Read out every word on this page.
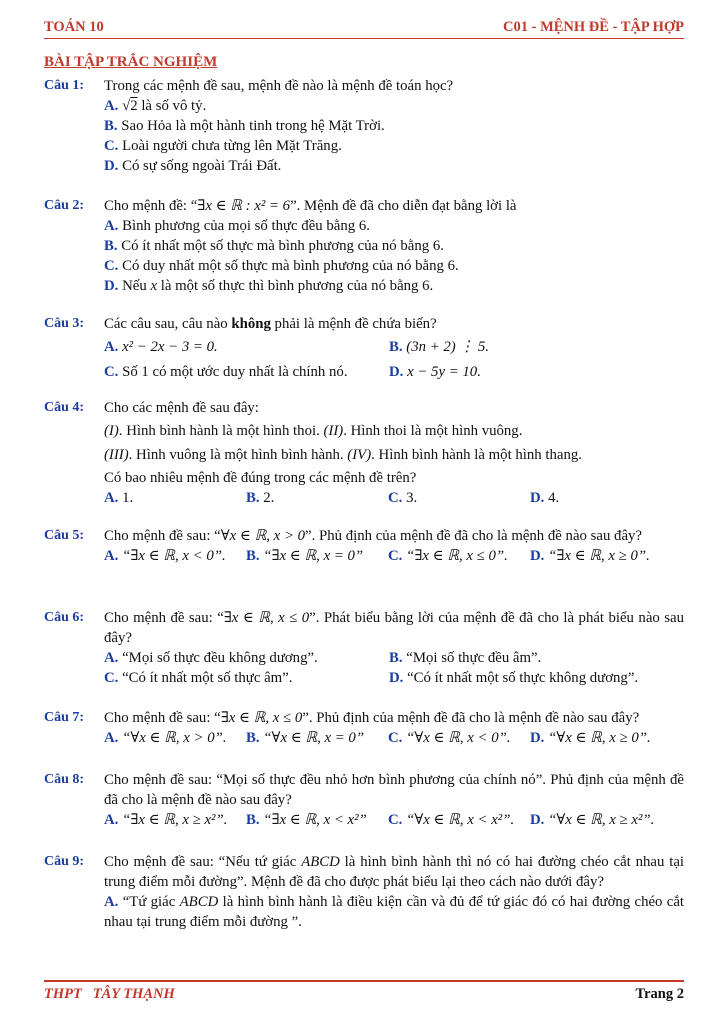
TOÁN 10	C01 - MỆNH ĐỀ - TẬP HỢP
BÀI TẬP TRẮC NGHIỆM
Câu 1: Trong các mệnh đề sau, mệnh đề nào là mệnh đề toán học?
A. √2 là số vô tỷ.
B. Sao Hỏa là một hành tinh trong hệ Mặt Trời.
C. Loài người chưa từng lên Mặt Trăng.
D. Có sự sống ngoài Trái Đất.
Câu 2: Cho mệnh đề: “∃x ∈ ℝ : x² = 6”. Mệnh đề đã cho diễn đạt bằng lời là
A. Bình phương của mọi số thực đều bằng 6.
B. Có ít nhất một số thực mà bình phương của nó bằng 6.
C. Có duy nhất một số thực mà bình phương của nó bằng 6.
D. Nếu x là một số thực thì bình phương của nó bằng 6.
Câu 3: Các câu sau, câu nào không phải là mệnh đề chứa biến?
A. x² − 2x − 3 = 0.	B. (3n + 2) ⋮ 5.
C. Số 1 có một ước duy nhất là chính nó.	D. x − 5y = 10.
Câu 4: Cho các mệnh đề sau đây:
(I). Hình bình hành là một hình thoi. (II). Hình thoi là một hình vuông.
(III). Hình vuông là một hình bình hành. (IV). Hình bình hành là một hình thang.
Có bao nhiêu mệnh đề đúng trong các mệnh đề trên?
A. 1.	B. 2.	C. 3.	D. 4.
Câu 5: Cho mệnh đề sau: “∀x ∈ ℝ, x > 0”. Phủ định của mệnh đề đã cho là mệnh đề nào sau đây?
A. “∃x ∈ ℝ, x < 0”.	B. “∃x ∈ ℝ, x = 0”	C. “∃x ∈ ℝ, x ≤ 0”.	D. “∃x ∈ ℝ, x ≥ 0”.
Câu 6: Cho mệnh đề sau: “∃x ∈ ℝ, x ≤ 0”. Phát biểu bằng lời của mệnh đề đã cho là phát biểu nào sau đây?
A. “Mọi số thực đều không dương”.	B. “Mọi số thực đều âm”.
C. “Có ít nhất một số thực âm”.	D. “Có ít nhất một số thực không dương”.
Câu 7: Cho mệnh đề sau: “∃x ∈ ℝ, x ≤ 0”. Phủ định của mệnh đề đã cho là mệnh đề nào sau đây?
A. “∀x ∈ ℝ, x > 0”.	B. “∀x ∈ ℝ, x = 0”	C. “∀x ∈ ℝ, x < 0”.	D. “∀x ∈ ℝ, x ≥ 0”.
Câu 8: Cho mệnh đề sau: “Mọi số thực đều nhỏ hơn bình phương của chính nó”. Phủ định của mệnh đề đã cho là mệnh đề nào sau đây?
A. “∃x ∈ ℝ, x ≥ x²”.	B. “∃x ∈ ℝ, x < x²”	C. “∀x ∈ ℝ, x < x²”.	D. “∀x ∈ ℝ, x ≥ x²”.
Câu 9: Cho mệnh đề sau: “Nếu tứ giác ABCD là hình bình hành thì nó có hai đường chéo cắt nhau tại trung điểm mỗi đường”. Mệnh đề đã cho được phát biểu lại theo cách nào dưới đây?
A. “Tứ giác ABCD là hình bình hành là điều kiện cần và đủ để tứ giác đó có hai đường chéo cắt nhau tại trung điểm mỗi đường ”.
THPT   TÂY THẠNH	Trang 2
